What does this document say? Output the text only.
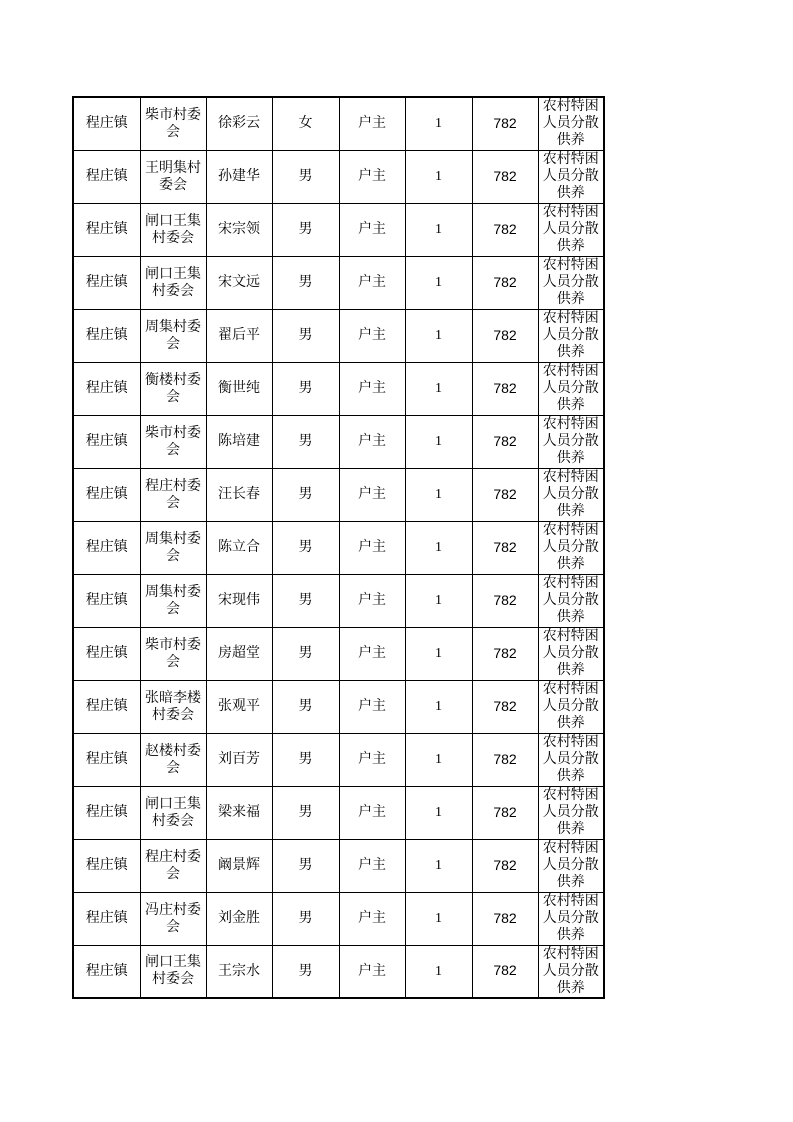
程庄镇	柴市村委会	徐彩云	女	户主	1	782	农村特困人员分散供养

程庄镇	王明集村委会	孙建华	男	户主	1	782	农村特困人员分散供养

程庄镇	闸口王集村委会	宋宗领	男	户主	1	782	农村特困人员分散供养

程庄镇	闸口王集村委会	宋文远	男	户主	1	782	农村特困人员分散供养

程庄镇	周集村委会	翟后平	男	户主	1	782	农村特困人员分散供养

程庄镇	衡楼村委会	衡世纯	男	户主	1	782	农村特困人员分散供养

程庄镇	柴市村委会	陈培建	男	户主	1	782	农村特困人员分散供养

程庄镇	程庄村委会	汪长春	男	户主	1	782	农村特困人员分散供养

程庄镇	周集村委会	陈立合	男	户主	1	782	农村特困人员分散供养

程庄镇	周集村委会	宋现伟	男	户主	1	782	农村特困人员分散供养

程庄镇	柴市村委会	房超堂	男	户主	1	782	农村特困人员分散供养

程庄镇	张暗李楼村委会	张观平	男	户主	1	782	农村特困人员分散供养

程庄镇	赵楼村委会	刘百芳	男	户主	1	782	农村特困人员分散供养

程庄镇	闸口王集村委会	梁来福	男	户主	1	782	农村特困人员分散供养

程庄镇	程庄村委会	阚景辉	男	户主	1	782	农村特困人员分散供养

程庄镇	冯庄村委会	刘金胜	男	户主	1	782	农村特困人员分散供养

程庄镇	闸口王集村委会	王宗水	男	户主	1	782	农村特困人员分散供养
